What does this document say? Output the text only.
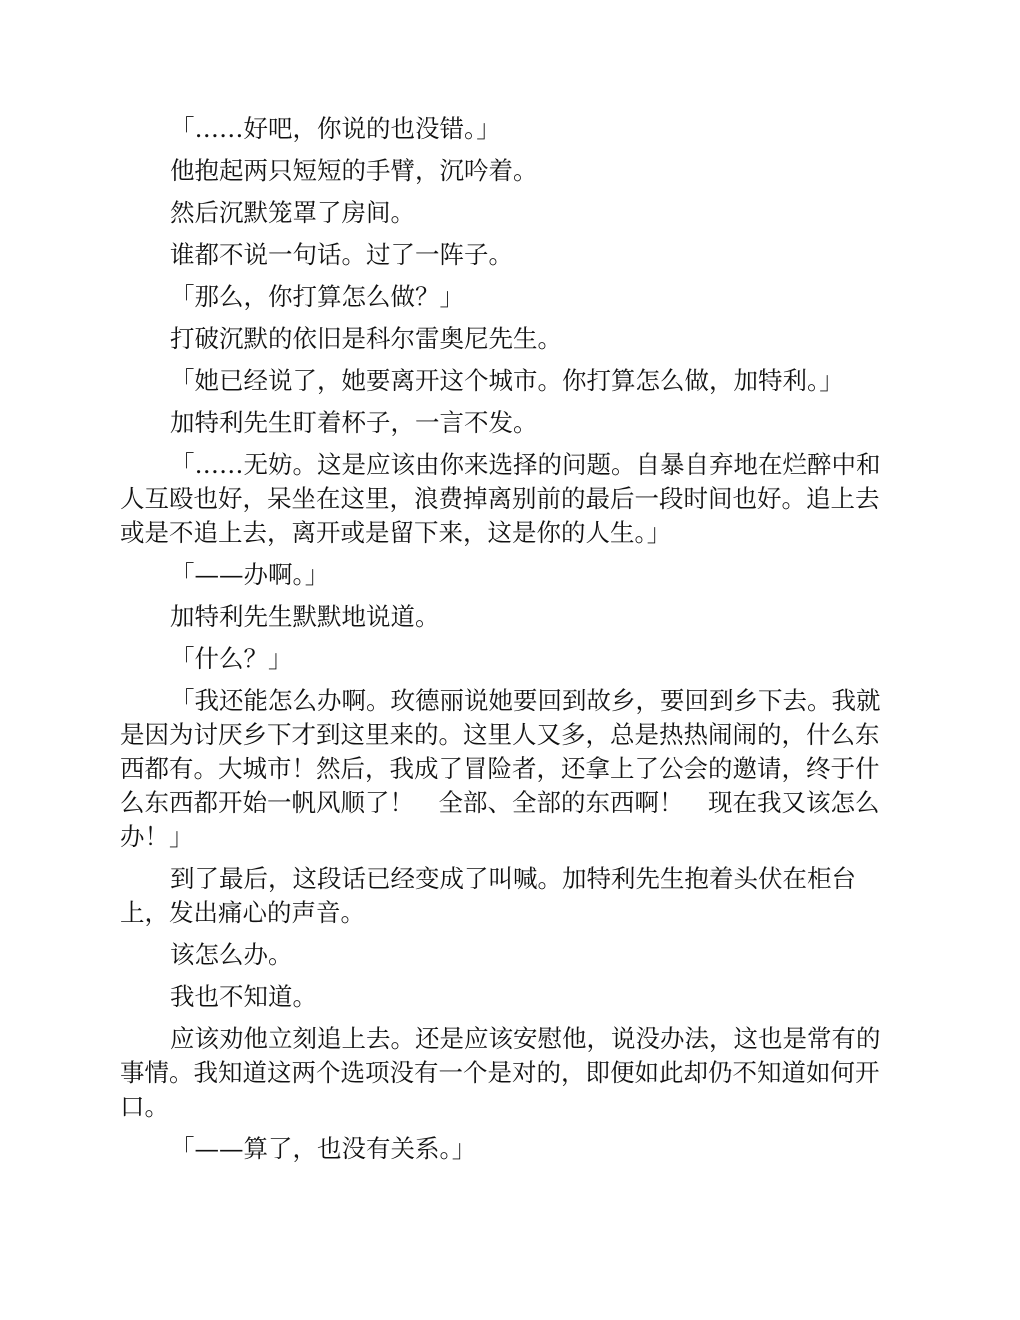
「……好吧，你说的也没错。」

他抱起两只短短的手臂，沉吟着。

然后沉默笼罩了房间。

谁都不说一句话。过了一阵子。

「那么，你打算怎么做？」

打破沉默的依旧是科尔雷奥尼先生。

「她已经说了，她要离开这个城市。你打算怎么做，加特利。」

加特利先生盯着杯子，一言不发。

「……无妨。这是应该由你来选择的问题。自暴自弃地在烂醉中和人互殴也好，呆坐在这里，浪费掉离别前的最后一段时间也好。追上去或是不追上去，离开或是留下来，这是你的人生。」

「——办啊。」

加特利先生默默地说道。

「什么？」

「我还能怎么办啊。玫德丽说她要回到故乡，要回到乡下去。我就是因为讨厌乡下才到这里来的。这里人又多，总是热热闹闹的，什么东西都有。大城市！然后，我成了冒险者，还拿上了公会的邀请，终于什么东西都开始一帆风顺了！　全部、全部的东西啊！　现在我又该怎么办！」

到了最后，这段话已经变成了叫喊。加特利先生抱着头伏在柜台上，发出痛心的声音。

该怎么办。

我也不知道。

应该劝他立刻追上去。还是应该安慰他，说没办法，这也是常有的事情。我知道这两个选项没有一个是对的，即便如此却仍不知道如何开口。

「——算了，也没有关系。」
